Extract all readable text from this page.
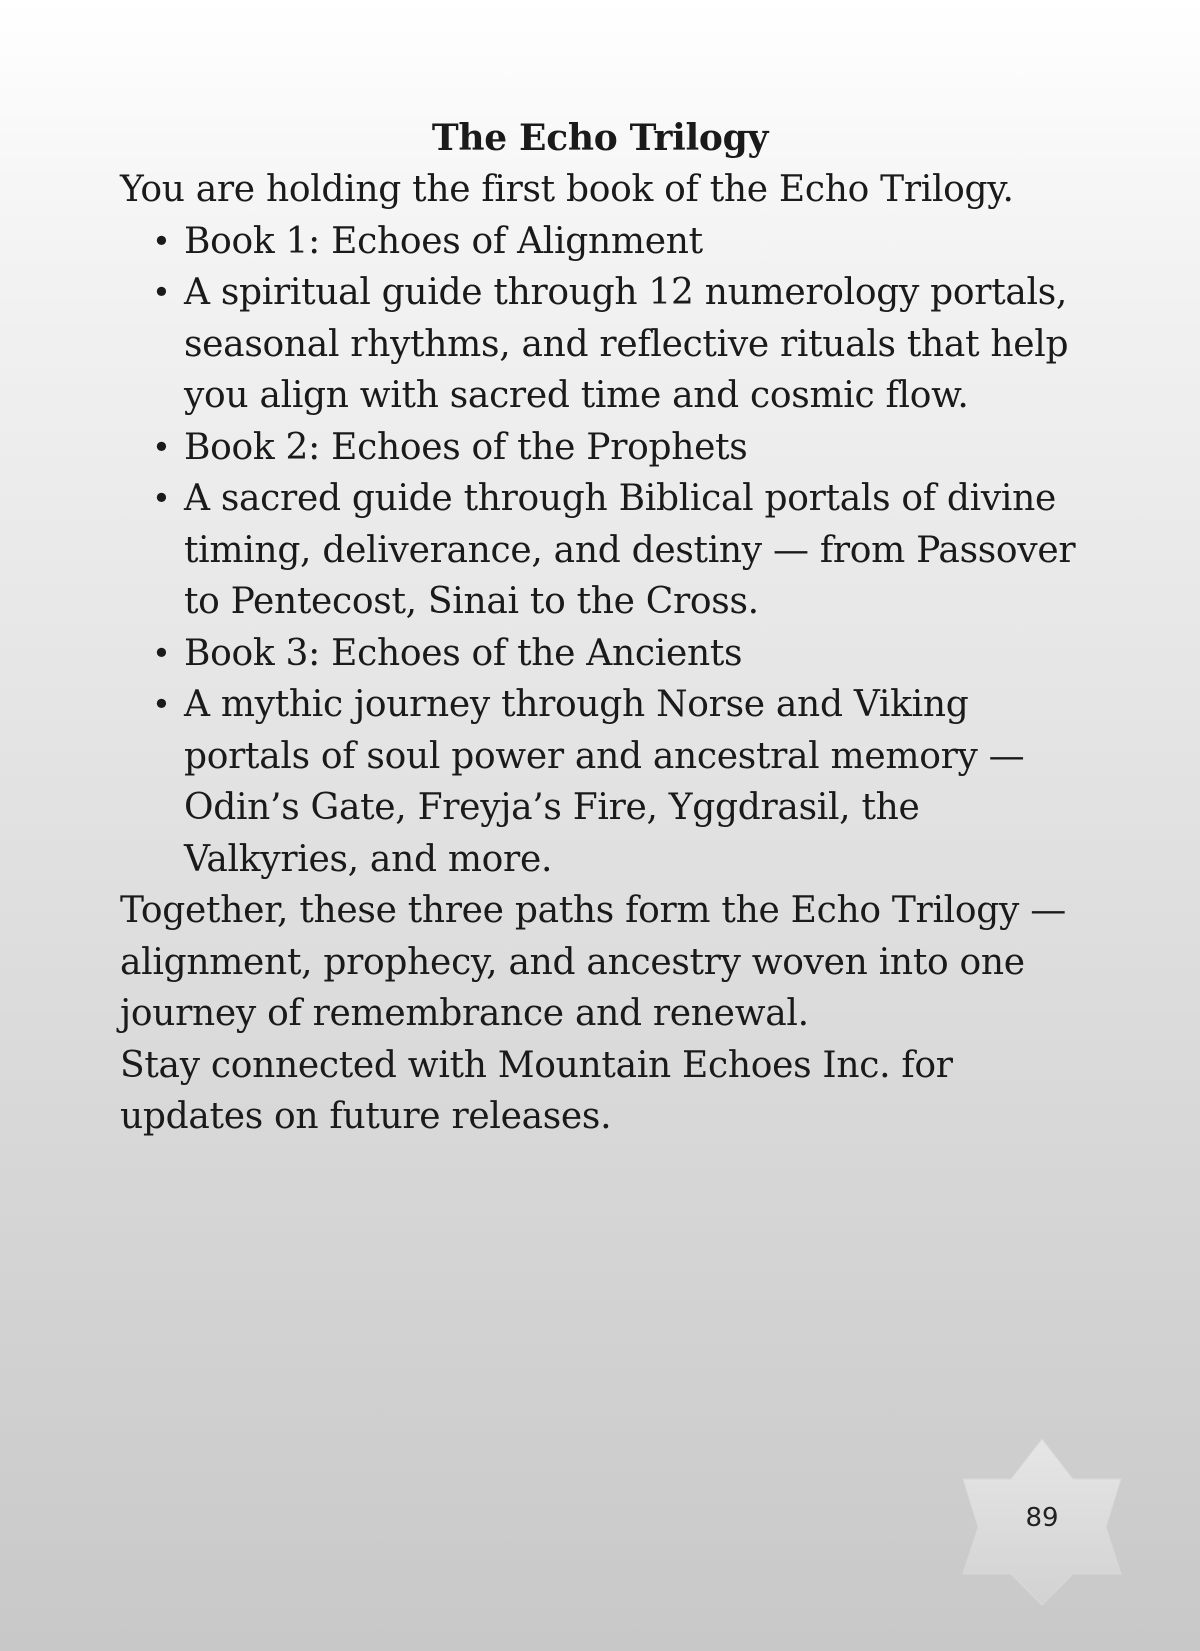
The Echo Trilogy

You are holding the first book of the Echo Trilogy.

• Book 1: Echoes of Alignment
• A spiritual guide through 12 numerology portals, seasonal rhythms, and reflective rituals that help you align with sacred time and cosmic flow.
• Book 2: Echoes of the Prophets
• A sacred guide through Biblical portals of divine timing, deliverance, and destiny — from Passover to Pentecost, Sinai to the Cross.
• Book 3: Echoes of the Ancients
• A mythic journey through Norse and Viking portals of soul power and ancestral memory — Odin’s Gate, Freyja’s Fire, Yggdrasil, the Valkyries, and more.

Together, these three paths form the Echo Trilogy — alignment, prophecy, and ancestry woven into one journey of remembrance and renewal.

Stay connected with Mountain Echoes Inc. for updates on future releases.

89
